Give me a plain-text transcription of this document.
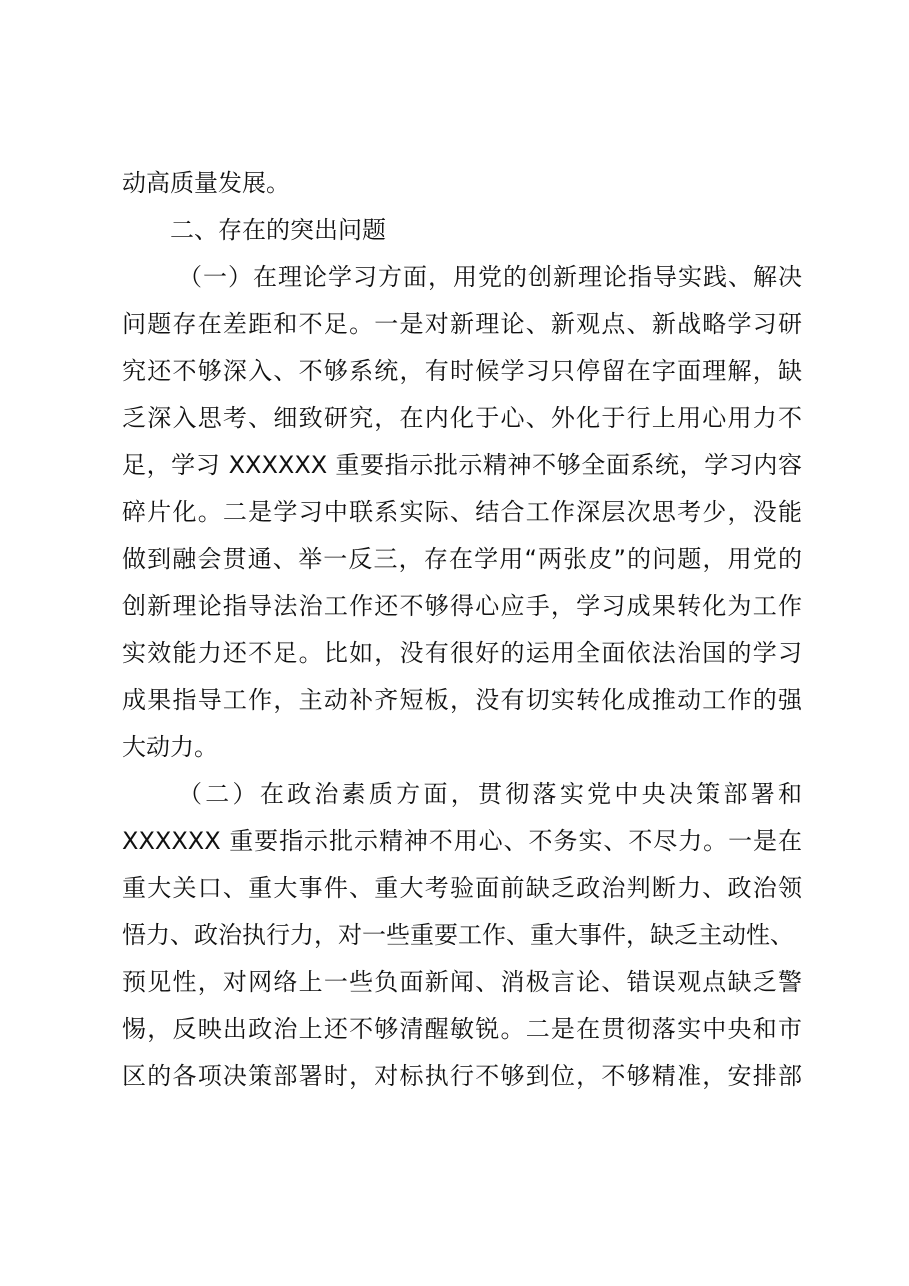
动高质量发展。
二、存在的突出问题
（一）在理论学习方面，用党的创新理论指导实践、解决
问题存在差距和不足。一是对新理论、新观点、新战略学习研
究还不够深入、不够系统，有时候学习只停留在字面理解，缺
乏深入思考、细致研究，在内化于心、外化于行上用心用力不
足，学习 XXXXXX 重要指示批示精神不够全面系统，学习内容
碎片化。二是学习中联系实际、结合工作深层次思考少，没能
做到融会贯通、举一反三，存在学用“两张皮”的问题，用党的
创新理论指导法治工作还不够得心应手，学习成果转化为工作
实效能力还不足。比如，没有很好的运用全面依法治国的学习
成果指导工作，主动补齐短板，没有切实转化成推动工作的强
大动力。
（二）在政治素质方面，贯彻落实党中央决策部署和
XXXXXX 重要指示批示精神不用心、不务实、不尽力。一是在
重大关口、重大事件、重大考验面前缺乏政治判断力、政治领
悟力、政治执行力，对一些重要工作、重大事件，缺乏主动性、
预见性，对网络上一些负面新闻、消极言论、错误观点缺乏警
惕，反映出政治上还不够清醒敏锐。二是在贯彻落实中央和市
区的各项决策部署时，对标执行不够到位，不够精准，安排部
